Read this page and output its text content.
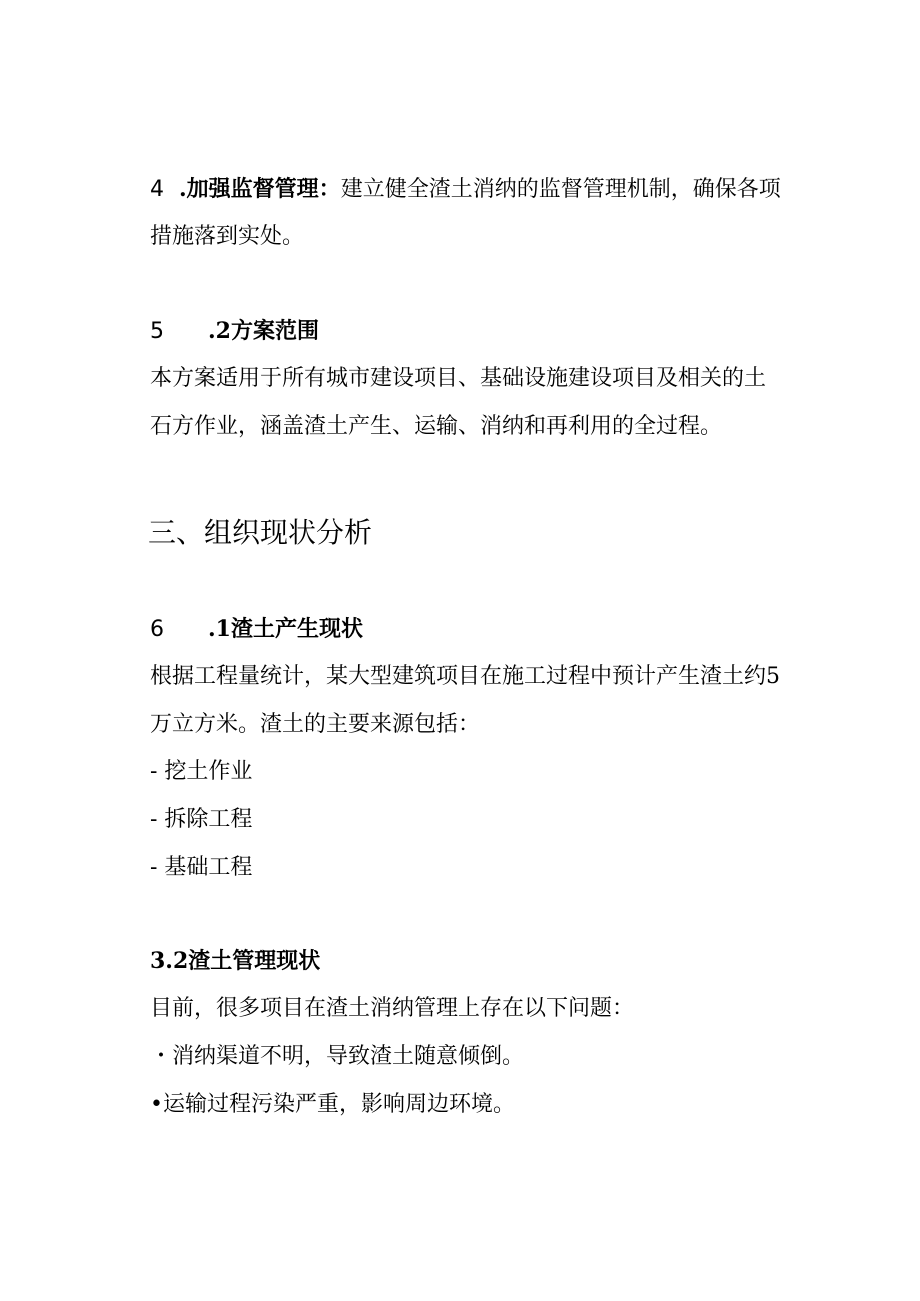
4 .加强监督管理：建立健全渣土消纳的监督管理机制，确保各项
措施落到实处。
5 .2方案范围
本方案适用于所有城市建设项目、基础设施建设项目及相关的土
石方作业，涵盖渣土产生、运输、消纳和再利用的全过程。
三、组织现状分析
6 .1渣土产生现状
根据工程量统计，某大型建筑项目在施工过程中预计产生渣土约5
万立方米。渣土的主要来源包括：
- 挖土作业
- 拆除工程
- 基础工程
3.2渣土管理现状
目前，很多项目在渣土消纳管理上存在以下问题：
・消纳渠道不明，导致渣土随意倾倒。
•运输过程污染严重，影响周边环境。
